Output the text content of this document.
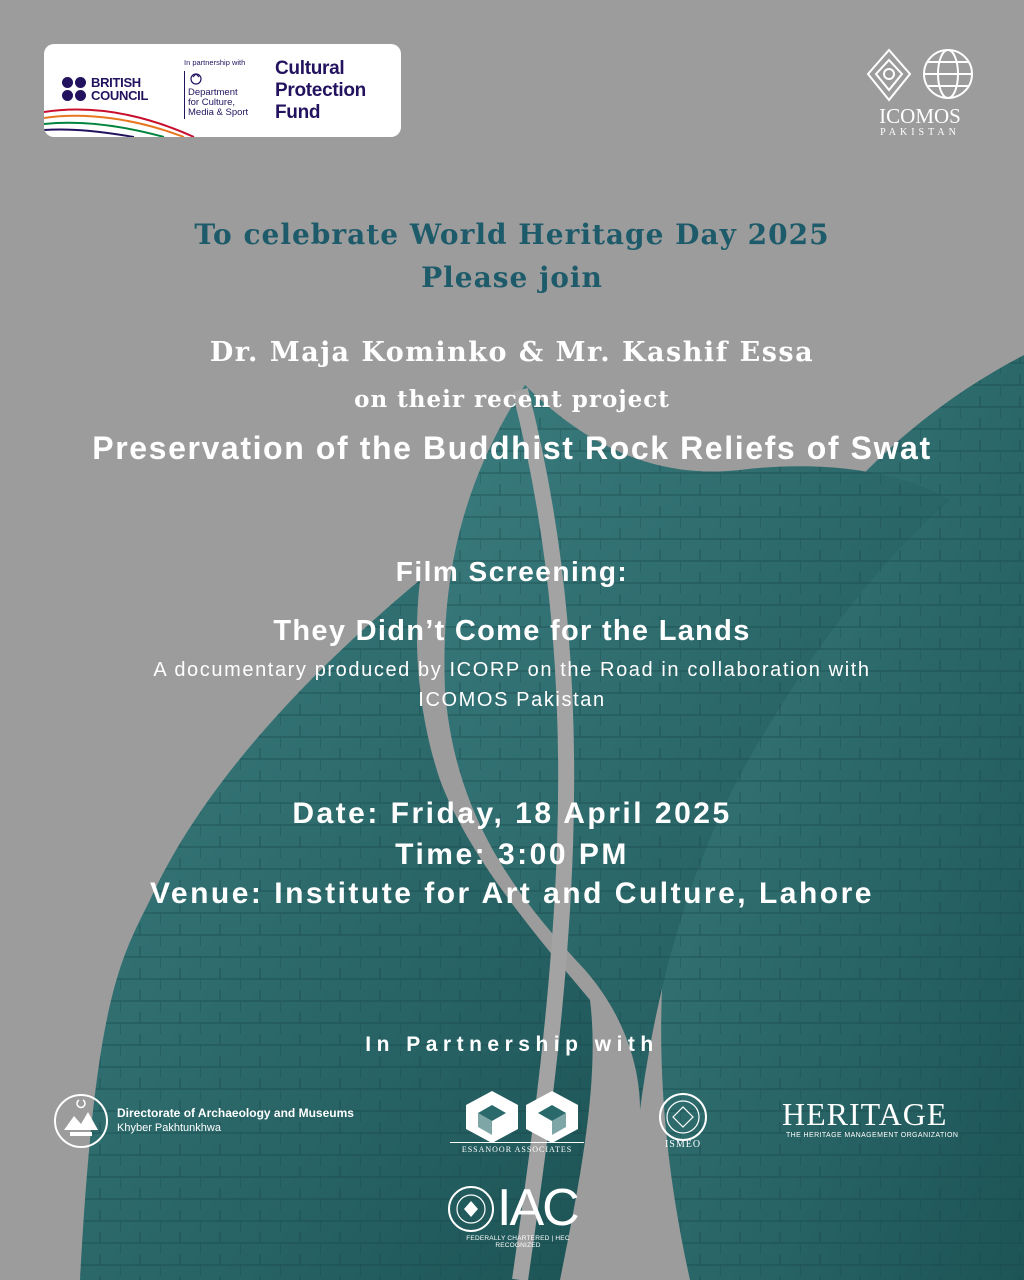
BRITISH
COUNCIL
In partnership with
Department
for Culture,
Media & Sport
Cultural
Protection
Fund	ICOMOS
PAKISTAN
To celebrate World Heritage Day 2025
Please join
Dr. Maja Kominko & Mr. Kashif Essa
on their recent project
Preservation of the Buddhist Rock Reliefs of Swat
Film Screening:
They Didn’t Come for the Lands
A documentary produced by ICORP on the Road in collaboration with
ICOMOS Pakistan
Date: Friday, 18 April 2025
Time: 3:00 PM
Venue: Institute for Art and Culture, Lahore
In Partnership with
Directorate of Archaeology and Museums
Khyber Pakhtunkhwa
ESSANOOR ASSOCIATES	ISMEO
HERITAGE
THE HERITAGE MANAGEMENT ORGANIZATION
IAC
FEDERALLY CHARTERED | HEC RECOGNIZED
